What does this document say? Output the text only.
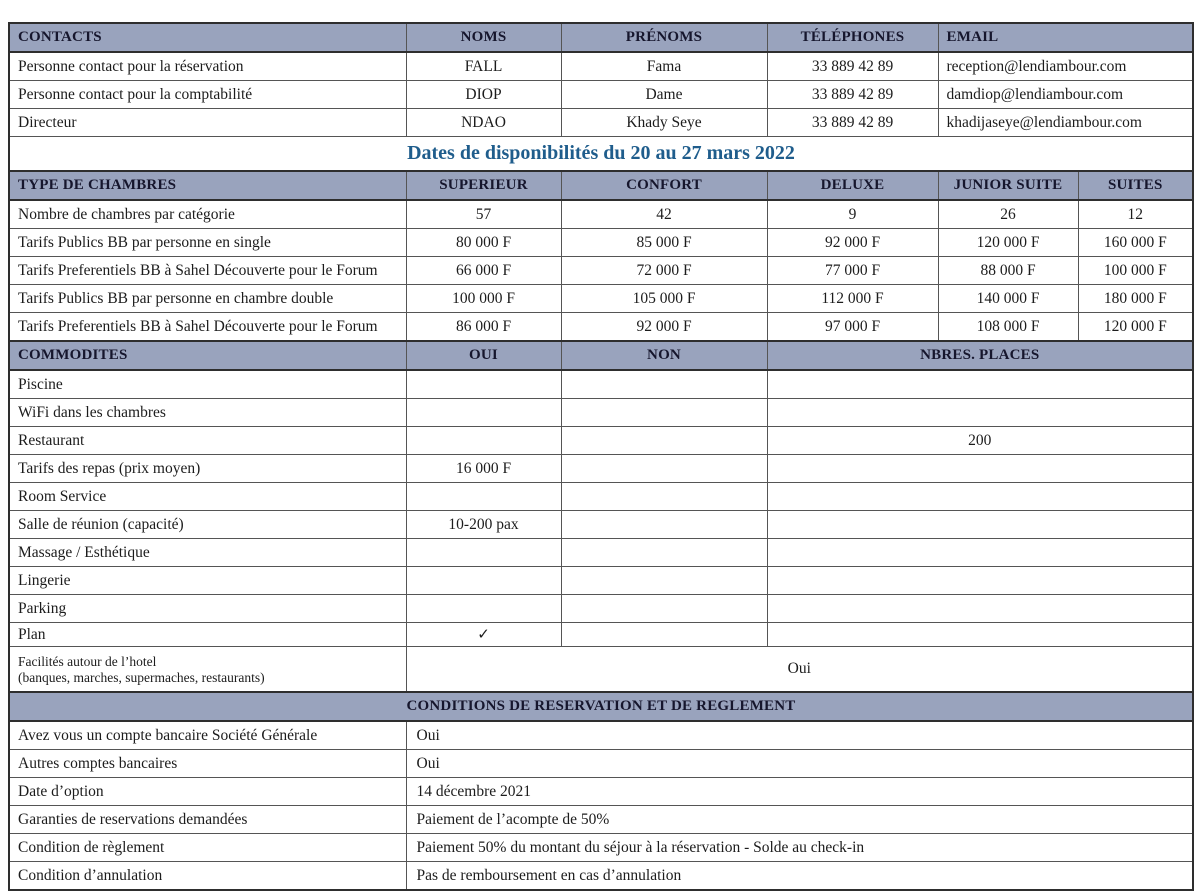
CONTACTS	NOMS	PRÉNOMS	TÉLÉPHONES	EMAIL	
Personne contact pour la réservation	FALL	Fama	33 889 42 89	reception@lendiambour.com	
Personne contact pour la comptabilité	DIOP	Dame	33 889 42 89	damdiop@lendiambour.com	
Directeur	NDAO	Khady Seye	33 889 42 89	khadijaseye@lendiambour.com	
Dates de disponibilités du 20 au 27 mars 2022					
TYPE DE CHAMBRES	SUPERIEUR	CONFORT	DELUXE	JUNIOR SUITE	SUITES
Nombre de chambres par catégorie	57	42	9	26	12
Tarifs Publics BB par personne en single	80 000 F	85 000 F	92 000 F	120 000 F	160 000 F
Tarifs Preferentiels BB à Sahel Découverte pour le Forum	66 000 F	72 000 F	77 000 F	88 000 F	100 000 F
Tarifs Publics BB par personne en chambre double	100 000 F	105 000 F	112 000 F	140 000 F	180 000 F
Tarifs Preferentiels BB à Sahel Découverte pour le Forum	86 000 F	92 000 F	97 000 F	108 000 F	120 000 F
COMMODITES	OUI	NON	NBRES. PLACES		
Piscine					
WiFi dans les chambres					
Restaurant			200		
Tarifs des repas (prix moyen)	16 000 F				
Room Service					
Salle de réunion (capacité)	10-200 pax				
Massage / Esthétique					
Lingerie					
Parking					
Plan	✓				

Facilités autour de l’hotel
(banques, marches, supermaches, restaurants)	Oui				
CONDITIONS DE RESERVATION ET DE REGLEMENT					
Avez vous un compte bancaire Société Générale	Oui				
Autres comptes bancaires	Oui				
Date d’option	14 décembre 2021				
Garanties de reservations demandées	Paiement de l’acompte de 50%				
Condition de règlement	Paiement 50% du montant du séjour à la réservation - Solde au check-in				
Condition d’annulation	Pas de remboursement en cas d’annulation				
